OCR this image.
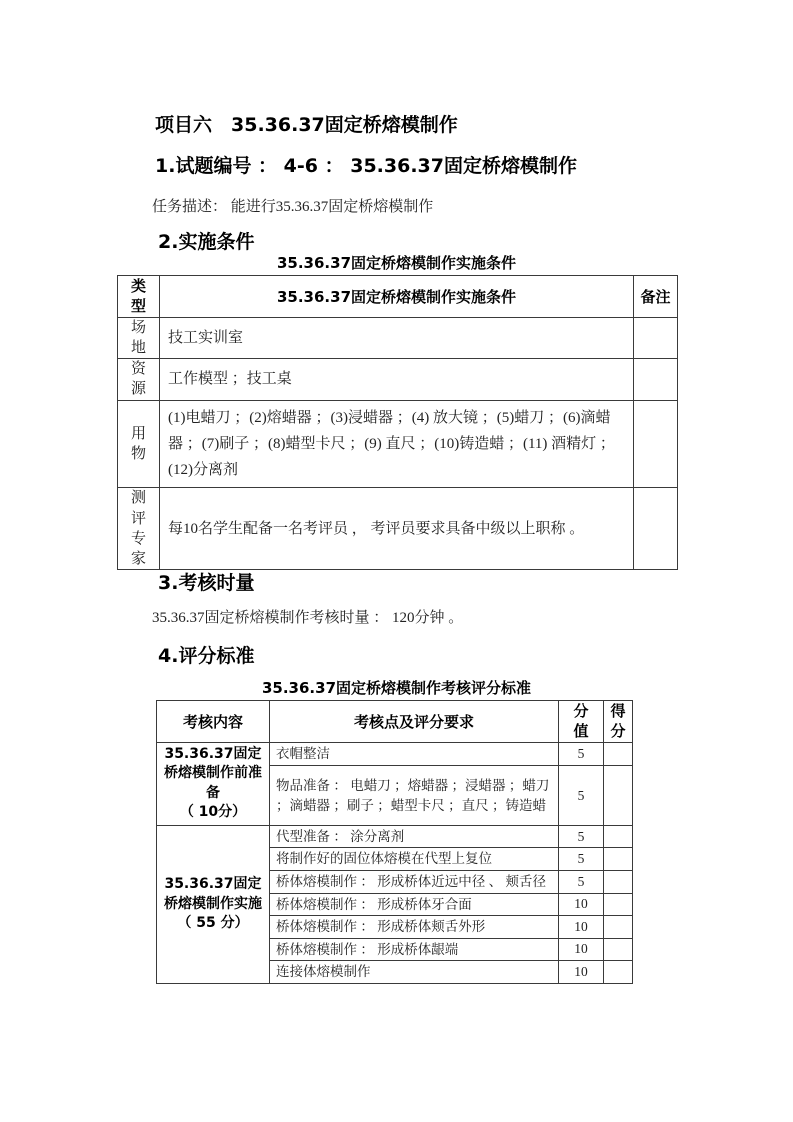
项目六　35.36.37固定桥熔模制作
1.试题编号 ： 4-6 ： 35.36.37固定桥熔模制作
任务描述： 能进行35.36.37固定桥熔模制作
2.实施条件
35.36.37固定桥熔模制作实施条件
类型	35.36.37固定桥熔模制作实施条件	备注
场地	技工实训室	
资源	工作模型 ；技工桌	
用物	(1)电蜡刀 ；(2)熔蜡器 ；(3)浸蜡器 ；(4) 放大镜 ；(5)蜡刀 ；(6)滴蜡器 ；(7)刷子 ；(8)蜡型卡尺 ；(9) 直尺 ；(10)铸造蜡 ；(11) 酒精灯 ；(12)分离剂	
测评专家	每10名学生配备一名考评员 ， 考评员要求具备中级以上职称 。	
3.考核时量
35.36.37固定桥熔模制作考核时量 ： 120分钟 。
4.评分标准
35.36.37固定桥熔模制作考核评分标准
考核内容	考核点及评分要求	分值	得分

35.36.37固定桥熔模制作前准备
（ 10分）	衣帽整洁	5	
	物品准备 ： 电蜡刀 ；熔蜡器 ；浸蜡器 ；蜡刀 ；滴蜡器 ；刷子 ；蜡型卡尺 ；直尺 ；铸造蜡	5	

35.36.37固定桥熔模制作实施
（ 55 分）	代型准备 ： 涂分离剂	5	
	将制作好的固位体熔模在代型上复位	5	
	桥体熔模制作 ： 形成桥体近远中径 、 颊舌径	5	
	桥体熔模制作 ： 形成桥体牙合面	10	
	桥体熔模制作 ： 形成桥体颊舌外形	10	
	桥体熔模制作 ： 形成桥体龈端	10	
	连接体熔模制作	10	
